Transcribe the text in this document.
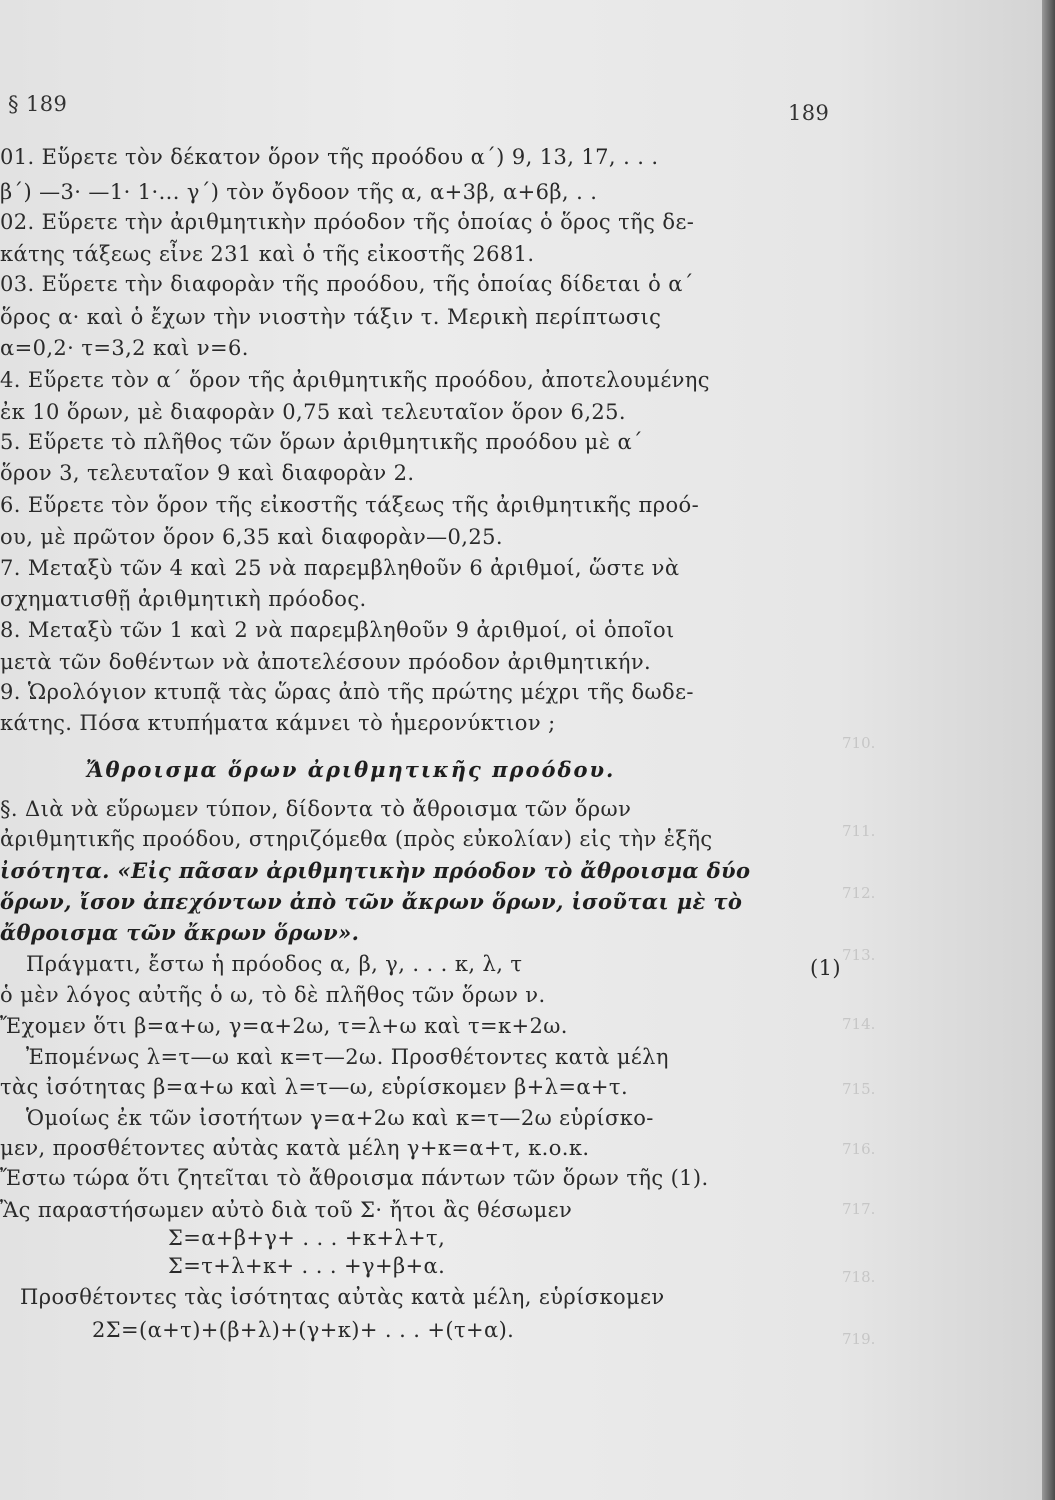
§ 189	189
710.
711.
712.
713.
714.
715.
716.
717.
718.
719.
01. Εὕρετε τὸν δέκατον ὅρον τῆς προόδου α΄) 9, 13, 17, . . .
β΄) —3· —1· 1·... γ΄) τὸν ὄγδοον τῆς α, α+3β, α+6β, . .
02. Εὕρετε τὴν ἀριθμητικὴν πρόοδον τῆς ὁποίας ὁ ὅρος τῆς δε-
κάτης τάξεως εἶνε 231 καὶ ὁ τῆς εἰκοστῆς 2681.
03. Εὕρετε τὴν διαφορὰν τῆς προόδου, τῆς ὁποίας δίδεται ὁ α΄
ὅρος α· καὶ ὁ ἔχων τὴν νιοστὴν τάξιν τ. Μερικὴ περίπτωσις
α=0,2· τ=3,2 καὶ ν=6.
4. Εὕρετε τὸν α΄ ὅρον τῆς ἀριθμητικῆς προόδου, ἀποτελουμένης
ἐκ 10 ὅρων, μὲ διαφορὰν 0,75 καὶ τελευταῖον ὅρον 6,25.
5. Εὕρετε τὸ πλῆθος τῶν ὅρων ἀριθμητικῆς προόδου μὲ α΄
ὅρον 3, τελευταῖον 9 καὶ διαφορὰν 2.
6. Εὕρετε τὸν ὅρον τῆς εἰκοστῆς τάξεως τῆς ἀριθμητικῆς προό-
ου, μὲ πρῶτον ὅρον 6,35 καὶ διαφορὰν—0,25.
7. Μεταξὺ τῶν 4 καὶ 25 νὰ παρεμβληθοῦν 6 ἀριθμοί, ὥστε νὰ
σχηματισθῇ ἀριθμητικὴ πρόοδος.
8. Μεταξὺ τῶν 1 καὶ 2 νὰ παρεμβληθοῦν 9 ἀριθμοί, οἱ ὁποῖοι
μετὰ τῶν δοθέντων νὰ ἀποτελέσουν πρόοδον ἀριθμητικήν.
9. Ὡρολόγιον κτυπᾷ τὰς ὥρας ἀπὸ τῆς πρώτης μέχρι τῆς δωδε-
κάτης. Πόσα κτυπήματα κάμνει τὸ ἡμερονύκτιον ;
Ἄθροισμα ὅρων ἀριθμητικῆς προόδου.
§. Διὰ νὰ εὕρωμεν τύπον, δίδοντα τὸ ἄθροισμα τῶν ὅρων
ἀριθμητικῆς προόδου, στηριζόμεθα (πρὸς εὐκολίαν) εἰς τὴν ἑξῆς
ἰσότητα. «Εἰς πᾶσαν ἀριθμητικὴν πρόοδον τὸ ἄθροισμα δύο
ὅρων, ἴσον ἀπεχόντων ἀπὸ τῶν ἄκρων ὅρων, ἰσοῦται μὲ τὸ
ἄθροισμα τῶν ἄκρων ὅρων».
Πράγματι, ἔστω ἡ πρόοδος α, β, γ, . . . κ, λ, τ	(1)
ὁ μὲν λόγος αὐτῆς ὁ ω, τὸ δὲ πλῆθος τῶν ὅρων ν.
Ἔχομεν ὅτι β=α+ω, γ=α+2ω, τ=λ+ω καὶ τ=κ+2ω.
Ἐπομένως λ=τ—ω καὶ κ=τ—2ω. Προσθέτοντες κατὰ μέλη
τὰς ἰσότητας β=α+ω καὶ λ=τ—ω, εὑρίσκομεν β+λ=α+τ.
Ὁμοίως ἐκ τῶν ἰσοτήτων γ=α+2ω καὶ κ=τ—2ω εὑρίσκο-
μεν, προσθέτοντες αὐτὰς κατὰ μέλη γ+κ=α+τ, κ.ο.κ.
Ἔστω τώρα ὅτι ζητεῖται τὸ ἄθροισμα πάντων τῶν ὅρων τῆς (1).
Ἂς παραστήσωμεν αὐτὸ διὰ τοῦ Σ· ἤτοι ἂς θέσωμεν
Σ=α+β+γ+ . . . +κ+λ+τ,
Σ=τ+λ+κ+ . . . +γ+β+α.
Προσθέτοντες τὰς ἰσότητας αὐτὰς κατὰ μέλη, εὑρίσκομεν
2Σ=(α+τ)+(β+λ)+(γ+κ)+ . . . +(τ+α).
